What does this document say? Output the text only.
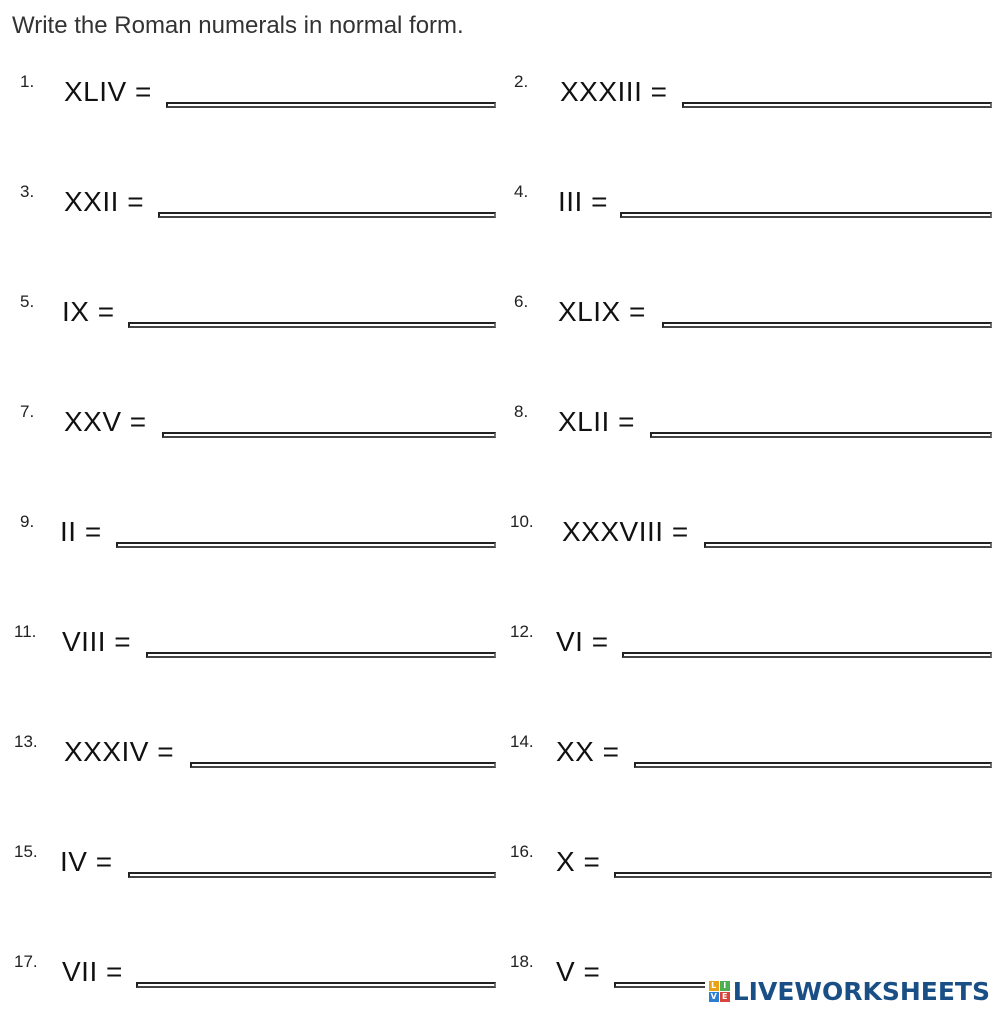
Write the Roman numerals in normal form.
1. XLIV =	2. XXXIII =
3. XXII =	4. III =
5. IX =	6. XLIX =
7. XXV =	8. XLII =
9. II =	10. XXXVIII =
11. VIII =	12. VI =
13. XXXIV =	14. XX =
15. IV =	16. X =
17. VII =	18. V =	L I
V E LIVEWORKSHEETS
